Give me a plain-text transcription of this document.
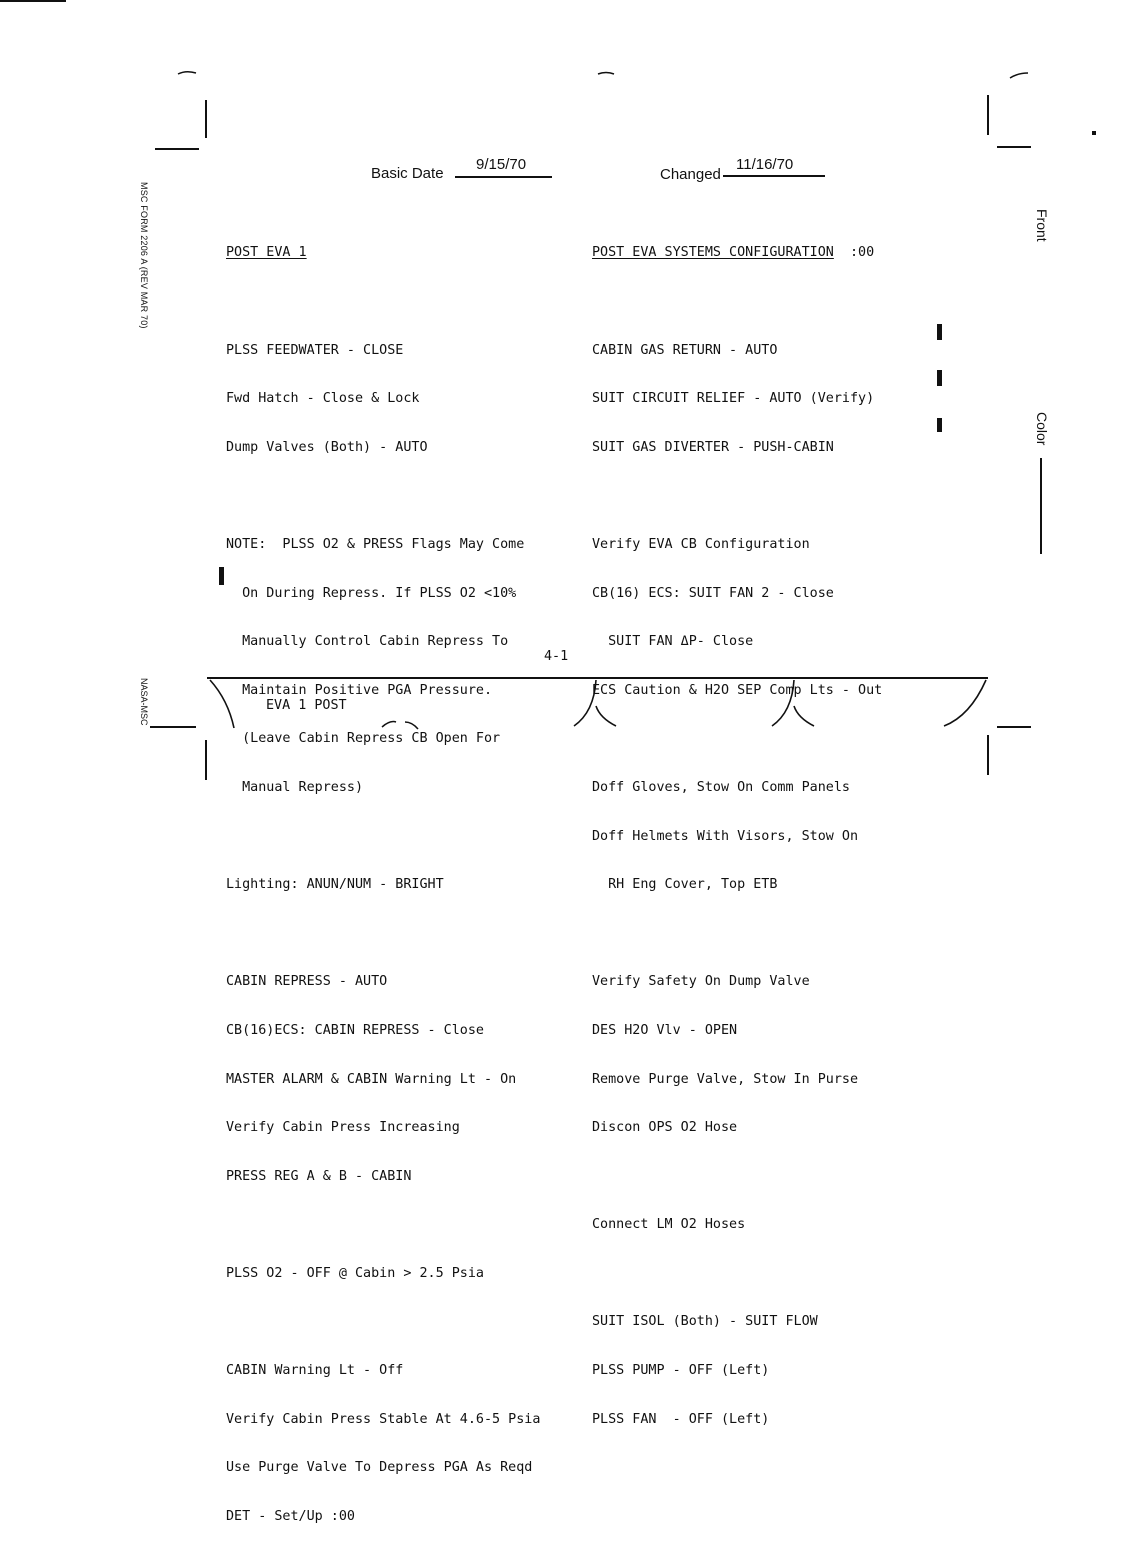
Basic Date
9/15/70
Changed
11/16/70

POST EVA 1

PLSS FEEDWATER - CLOSE

Fwd Hatch - Close & Lock

Dump Valves (Both) - AUTO

NOTE:  PLSS O2 & PRESS Flags May Come

On During Repress. If PLSS O2 <10%

Manually Control Cabin Repress To

Maintain Positive PGA Pressure.

(Leave Cabin Repress CB Open For

Manual Repress)

Lighting: ANUN/NUM - BRIGHT

CABIN REPRESS - AUTO

CB(16)ECS: CABIN REPRESS - Close

MASTER ALARM & CABIN Warning Lt - On

Verify Cabin Press Increasing

PRESS REG A & B - CABIN

PLSS O2 - OFF @ Cabin > 2.5 Psia

CABIN Warning Lt - Off

Verify Cabin Press Stable At 4.6-5 Psia

Use Purge Valve To Depress PGA As Reqd

DET - Set/Up :00

POST EVA SYSTEMS CONFIGURATION :00

CABIN GAS RETURN - AUTO

SUIT CIRCUIT RELIEF - AUTO (Verify)

SUIT GAS DIVERTER - PUSH-CABIN

Verify EVA CB Configuration

CB(16) ECS: SUIT FAN 2 - Close

SUIT FAN ΔP- Close

ECS Caution & H2O SEP Comp Lts - Out

Doff Gloves, Stow On Comm Panels

Doff Helmets With Visors, Stow On

RH Eng Cover, Top ETB

Verify Safety On Dump Valve

DES H2O Vlv - OPEN

Remove Purge Valve, Stow In Purse

Discon OPS O2 Hose

Connect LM O2 Hoses

SUIT ISOL (Both) - SUIT FLOW

PLSS PUMP - OFF (Left)

PLSS FAN  - OFF (Left)

4-1
EVA 1 POST
MSC FORM 2206 A (REV MAR 70)
NASA-MSC
Front
Color
